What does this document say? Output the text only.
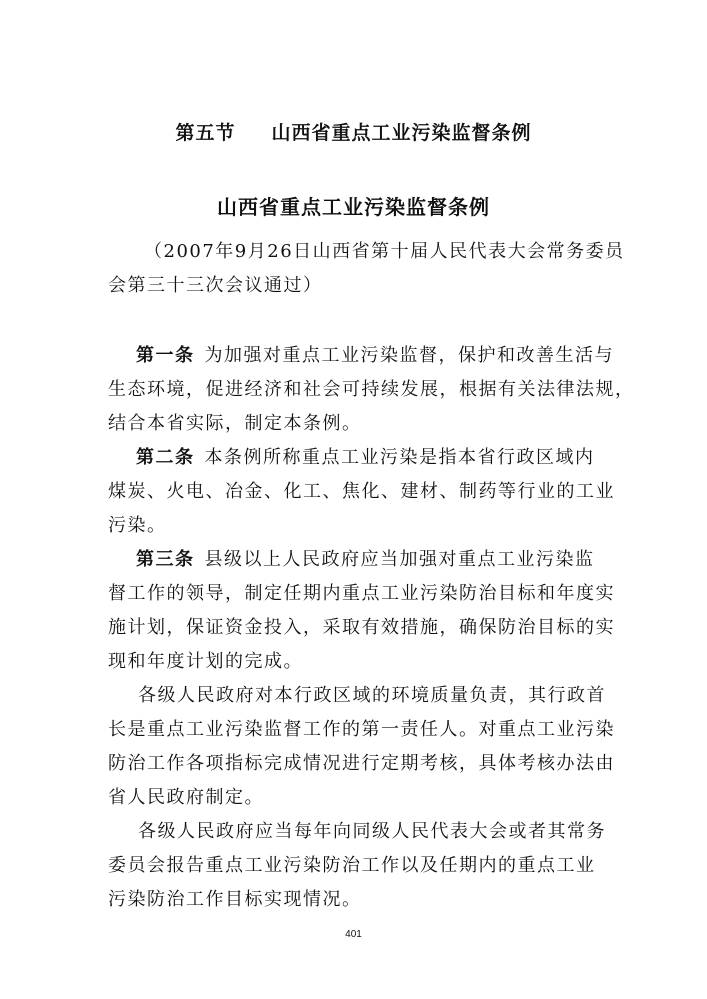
第五节 山西省重点工业污染监督条例
山西省重点工业污染监督条例

（2007年9月26日山西省第十届人民代表大会常务委员
会第三十三次会议通过）

第一条 为加强对重点工业污染监督，保护和改善生活与
生态环境，促进经济和社会可持续发展，根据有关法律法规，
结合本省实际，制定本条例。

第二条 本条例所称重点工业污染是指本省行政区域内
煤炭、火电、冶金、化工、焦化、建材、制药等行业的工业
污染。

第三条 县级以上人民政府应当加强对重点工业污染监
督工作的领导，制定任期内重点工业污染防治目标和年度实
施计划，保证资金投入，采取有效措施，确保防治目标的实
现和年度计划的完成。

各级人民政府对本行政区域的环境质量负责，其行政首
长是重点工业污染监督工作的第一责任人。对重点工业污染
防治工作各项指标完成情况进行定期考核，具体考核办法由
省人民政府制定。

各级人民政府应当每年向同级人民代表大会或者其常务
委员会报告重点工业污染防治工作以及任期内的重点工业
污染防治工作目标实现情况。

401
